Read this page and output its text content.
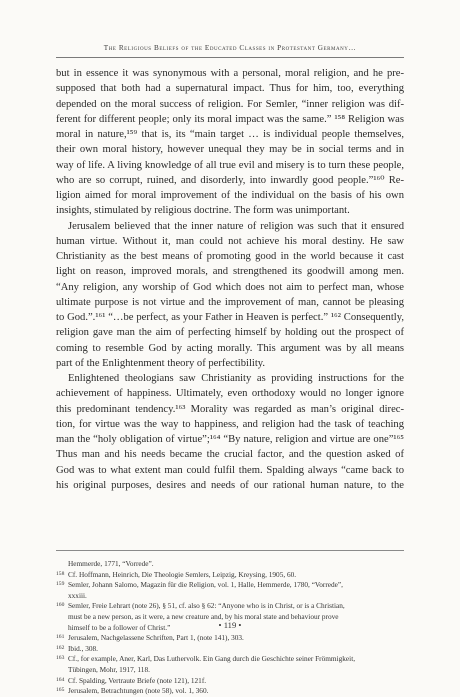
The Religious Beliefs of the Educated Classes in Protestant Germany…
but in essence it was synonymous with a personal, moral religion, and he pre-
supposed that both had a supernatural impact. Thus for him, too, everything
depended on the moral success of religion. For Semler, “inner religion was dif-
ferent for different people; only its moral impact was the same.” ¹⁵⁸ Religion was
moral in nature,¹⁵⁹ that is, its “main target … is individual people themselves,
their own moral history, however unequal they may be in social terms and in
way of life. A living knowledge of all true evil and misery is to turn these people,
who are so corrupt, ruined, and disorderly, into inwardly good people.”¹⁶⁰ Re-
ligion aimed for moral improvement of the individual on the basis of his own
insights, stimulated by religious doctrine. The form was unimportant.
Jerusalem believed that the inner nature of religion was such that it ensured
human virtue. Without it, man could not achieve his moral destiny. He saw
Christianity as the best means of promoting good in the world because it cast
light on reason, improved morals, and strengthened its goodwill among men.
“Any religion, any worship of God which does not aim to perfect man, whose
ultimate purpose is not virtue and the improvement of man, cannot be pleasing
to God.”.¹⁶¹ “…be perfect, as your Father in Heaven is perfect.” ¹⁶² Consequently,
religion gave man the aim of perfecting himself by holding out the prospect of
coming to resemble God by acting morally. This argument was by all means
part of the Enlightenment theory of perfectibility.
Enlightened theologians saw Christianity as providing instructions for the
achievement of happiness. Ultimately, even orthodoxy would no longer ignore
this predominant tendency.¹⁶³ Morality was regarded as man’s original direc-
tion, for virtue was the way to happiness, and religion had the task of teaching
man the “holy obligation of virtue”;¹⁶⁴ “By nature, religion and virtue are one”¹⁶⁵
Thus man and his needs became the crucial factor, and the question asked of
God was to what extent man could fulfil them. Spalding always “came back to
his original purposes, desires and needs of our rational human nature, to the
Hemmerde, 1771, “Vorrede”.
158 Cf. Hoffmann, Heinrich, Die Theologie Semlers, Leipzig, Kreysing, 1905, 60.
159 Semler, Johann Salomo, Magazin für die Religion, vol. 1, Halle, Hemmerde, 1780, “Vorrede”,
xxxiii.
160 Semler, Freie Lehrart (note 26), § 51, cf. also § 62: “Anyone who is in Christ, or is a Christian,
must be a new person, as it were, a new creature and, by his moral state and behaviour prove
himself to be a follower of Christ.”
161 Jerusalem, Nachgelassene Schriften, Part 1, (note 141), 303.
162 Ibid., 308.
163 Cf., for example, Aner, Karl, Das Luthervolk. Ein Gang durch die Geschichte seiner Frömmigkeit,
Tübingen, Mohr, 1917, 118.
164 Cf. Spalding, Vertraute Briefe (note 121), 121f.
165 Jerusalem, Betrachtungen (note 58), vol. 1, 360.
• 119 •
